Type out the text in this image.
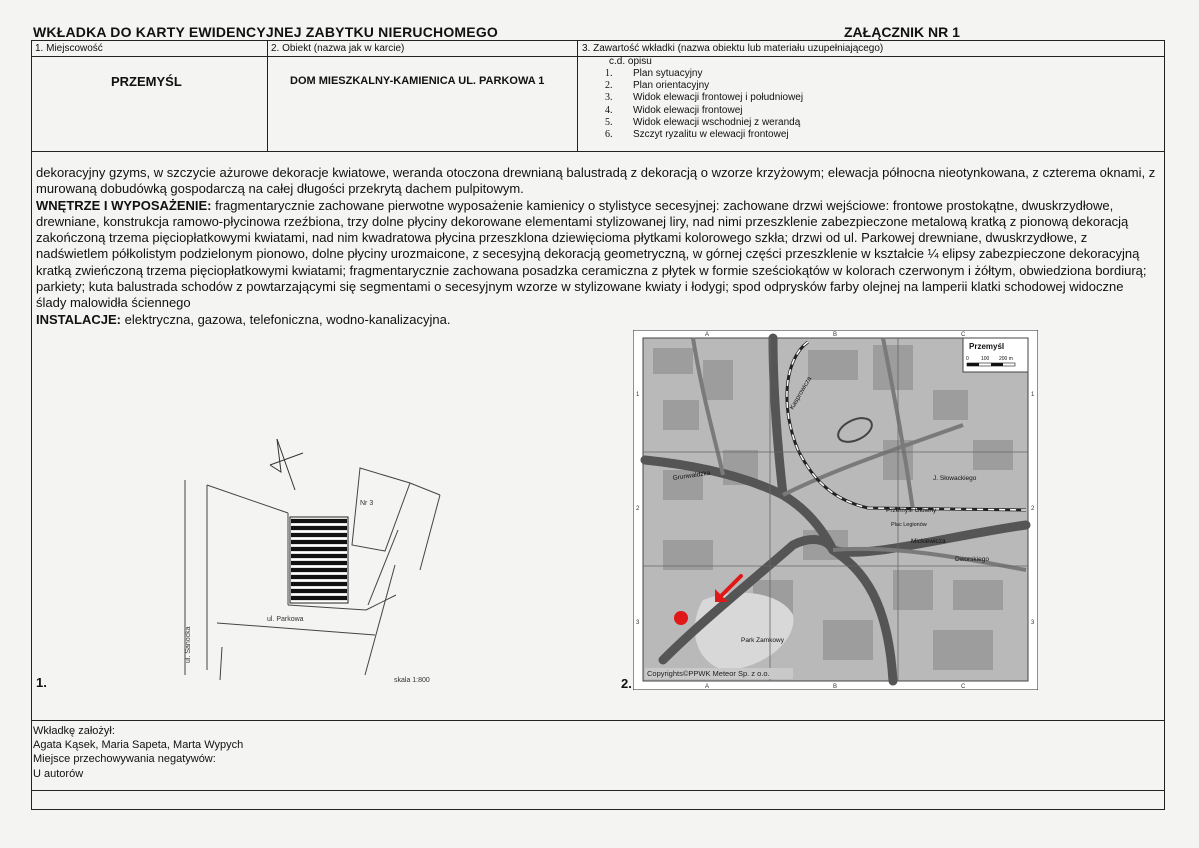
WKŁADKA DO KARTY EWIDENCYJNEJ ZABYTKU NIERUCHOMEGO	ZAŁĄCZNIK NR 1
1. Miejscowość
PRZEMYŚL
2. Obiekt (nazwa jak w karcie)
DOM MIESZKALNY-KAMIENICA UL. PARKOWA 1
3. Zawartość wkładki (nazwa obiektu lub materiału uzupełniającego)
c.d. opisu
1. Plan sytuacyjny
2. Plan orientacyjny
3. Widok elewacji frontowej i południowej
4. Widok elewacji frontowej
5. Widok elewacji wschodniej z werandą
6. Szczyt ryzalitu w elewacji frontowej

dekoracyjny gzyms, w szczycie ażurowe dekoracje kwiatowe, weranda otoczona drewnianą balustradą z dekoracją o wzorze krzyżowym; elewacja północna nieotynkowana, z czterema oknami, z murowaną dobudówką gospodarczą na całej długości przekrytą dachem pulpitowym.

WNĘTRZE I WYPOSAŻENIE: fragmentarycznie zachowane pierwotne wyposażenie kamienicy o stylistyce secesyjnej: zachowane drzwi wejściowe: frontowe prostokątne, dwuskrzydłowe, drewniane, konstrukcja ramowo-płycinowa rzeźbiona, trzy dolne płyciny dekorowane elementami stylizowanej liry, nad nimi przeszklenie zabezpieczone metalową kratką z pionową dekoracją zakończoną trzema pięciopłatkowymi kwiatami, nad nim kwadratowa płycina przeszklona dziewięcioma płytkami kolorowego szkła; drzwi od ul. Parkowej drewniane, dwuskrzydłowe, z nadświetlem półkolistym podzielonym pionowo, dolne płyciny urozmaicone, z secesyjną dekoracją geometryczną, w górnej części przeszklenie w kształcie ¼ elipsy zabezpieczone dekoracyjną kratką zwieńczoną trzema pięciopłatkowymi kwiatami; fragmentarycznie zachowana posadzka ceramiczna z płytek w formie sześciokątów w kolorach czerwonym i żółtym, obwiedziona bordiurą; parkiety; kuta balustrada schodów z powtarzającymi się segmentami o secesyjnym wzorze w stylizowane kwiaty i łodygi; spod odprysków farby olejnej na lamperii klatki schodowej widoczne ślady malowidła ściennego

INSTALACJE: elektryczna, gazowa, telefoniczna, wodno-kanalizacyjna.

Nr 3
ul. Parkowa
ul. Sanocka
skala 1:800
1.
A	B	C
A	B	C
1
2
3
1
2
3
Mickiewicza
Dworskiego
Park Zamkowy
Przemyśl Główny
Plac Legionów
Grunwaldzka	J. Słowackiego
Kasprowicza
Przemyśl
0 100 200 m
Copyrights©PPWK Meteor Sp. z o.o.
2.
Wkładkę założył:
Agata Kąsek, Maria Sapeta, Marta Wypych
Miejsce przechowywania negatywów:
U autorów
